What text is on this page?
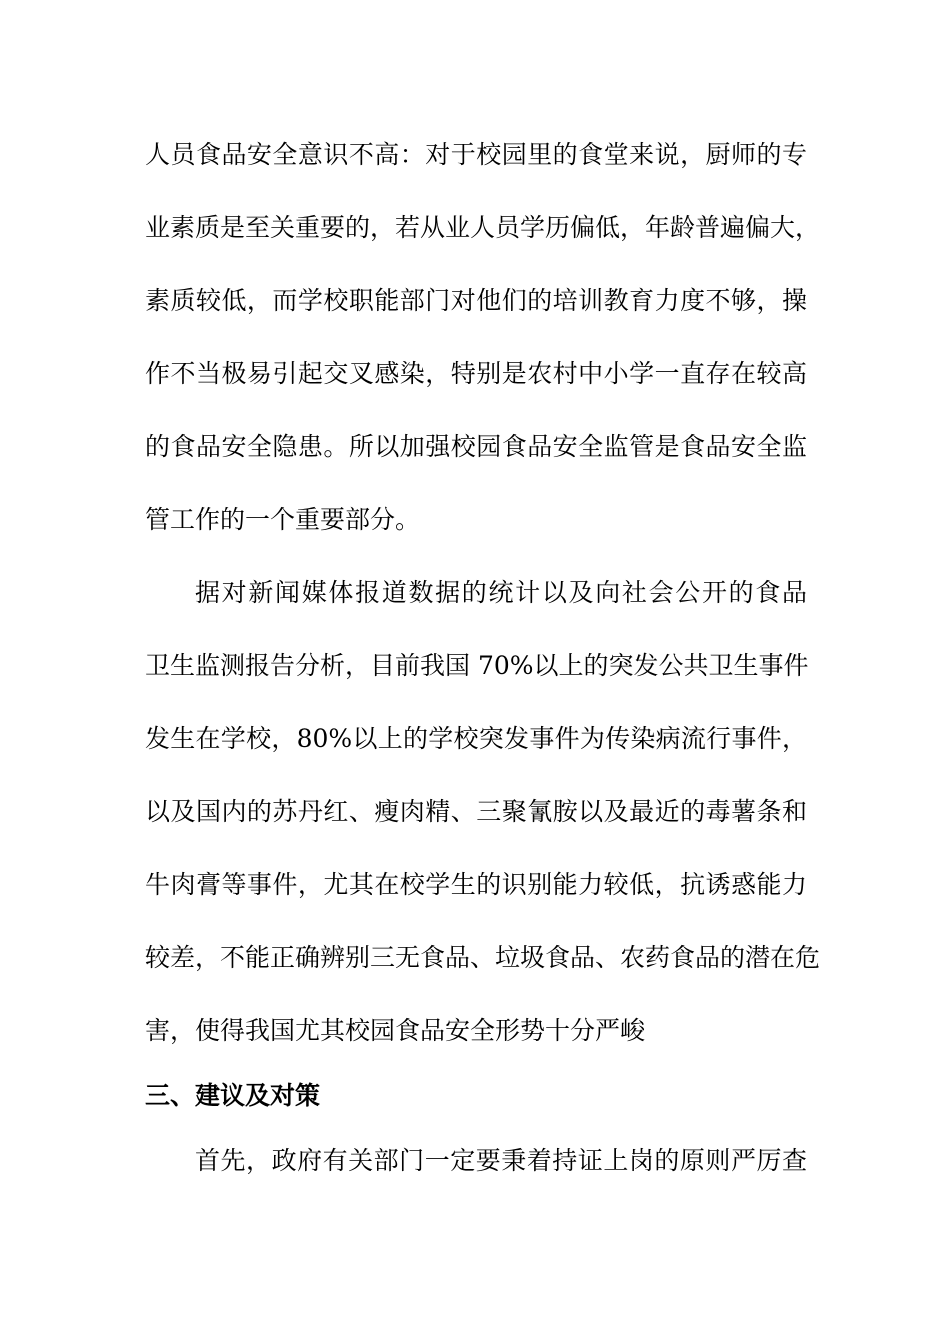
人员食品安全意识不高：对于校园里的食堂来说，厨师的专
业素质是至关重要的，若从业人员学历偏低，年龄普遍偏大，
素质较低，而学校职能部门对他们的培训教育力度不够，操
作不当极易引起交叉感染，特别是农村中小学一直存在较高
的食品安全隐患。所以加强校园食品安全监管是食品安全监
管工作的一个重要部分。
据对新闻媒体报道数据的统计以及向社会公开的食品
卫生监测报告分析，目前我国 70%以上的突发公共卫生事件
发生在学校，80%以上的学校突发事件为传染病流行事件，
以及国内的苏丹红、瘦肉精、三聚氰胺以及最近的毒薯条和
牛肉膏等事件，尤其在校学生的识别能力较低，抗诱惑能力
较差，不能正确辨别三无食品、垃圾食品、农药食品的潜在危
害，使得我国尤其校园食品安全形势十分严峻
三、建议及对策
首先，政府有关部门一定要秉着持证上岗的原则严厉查
